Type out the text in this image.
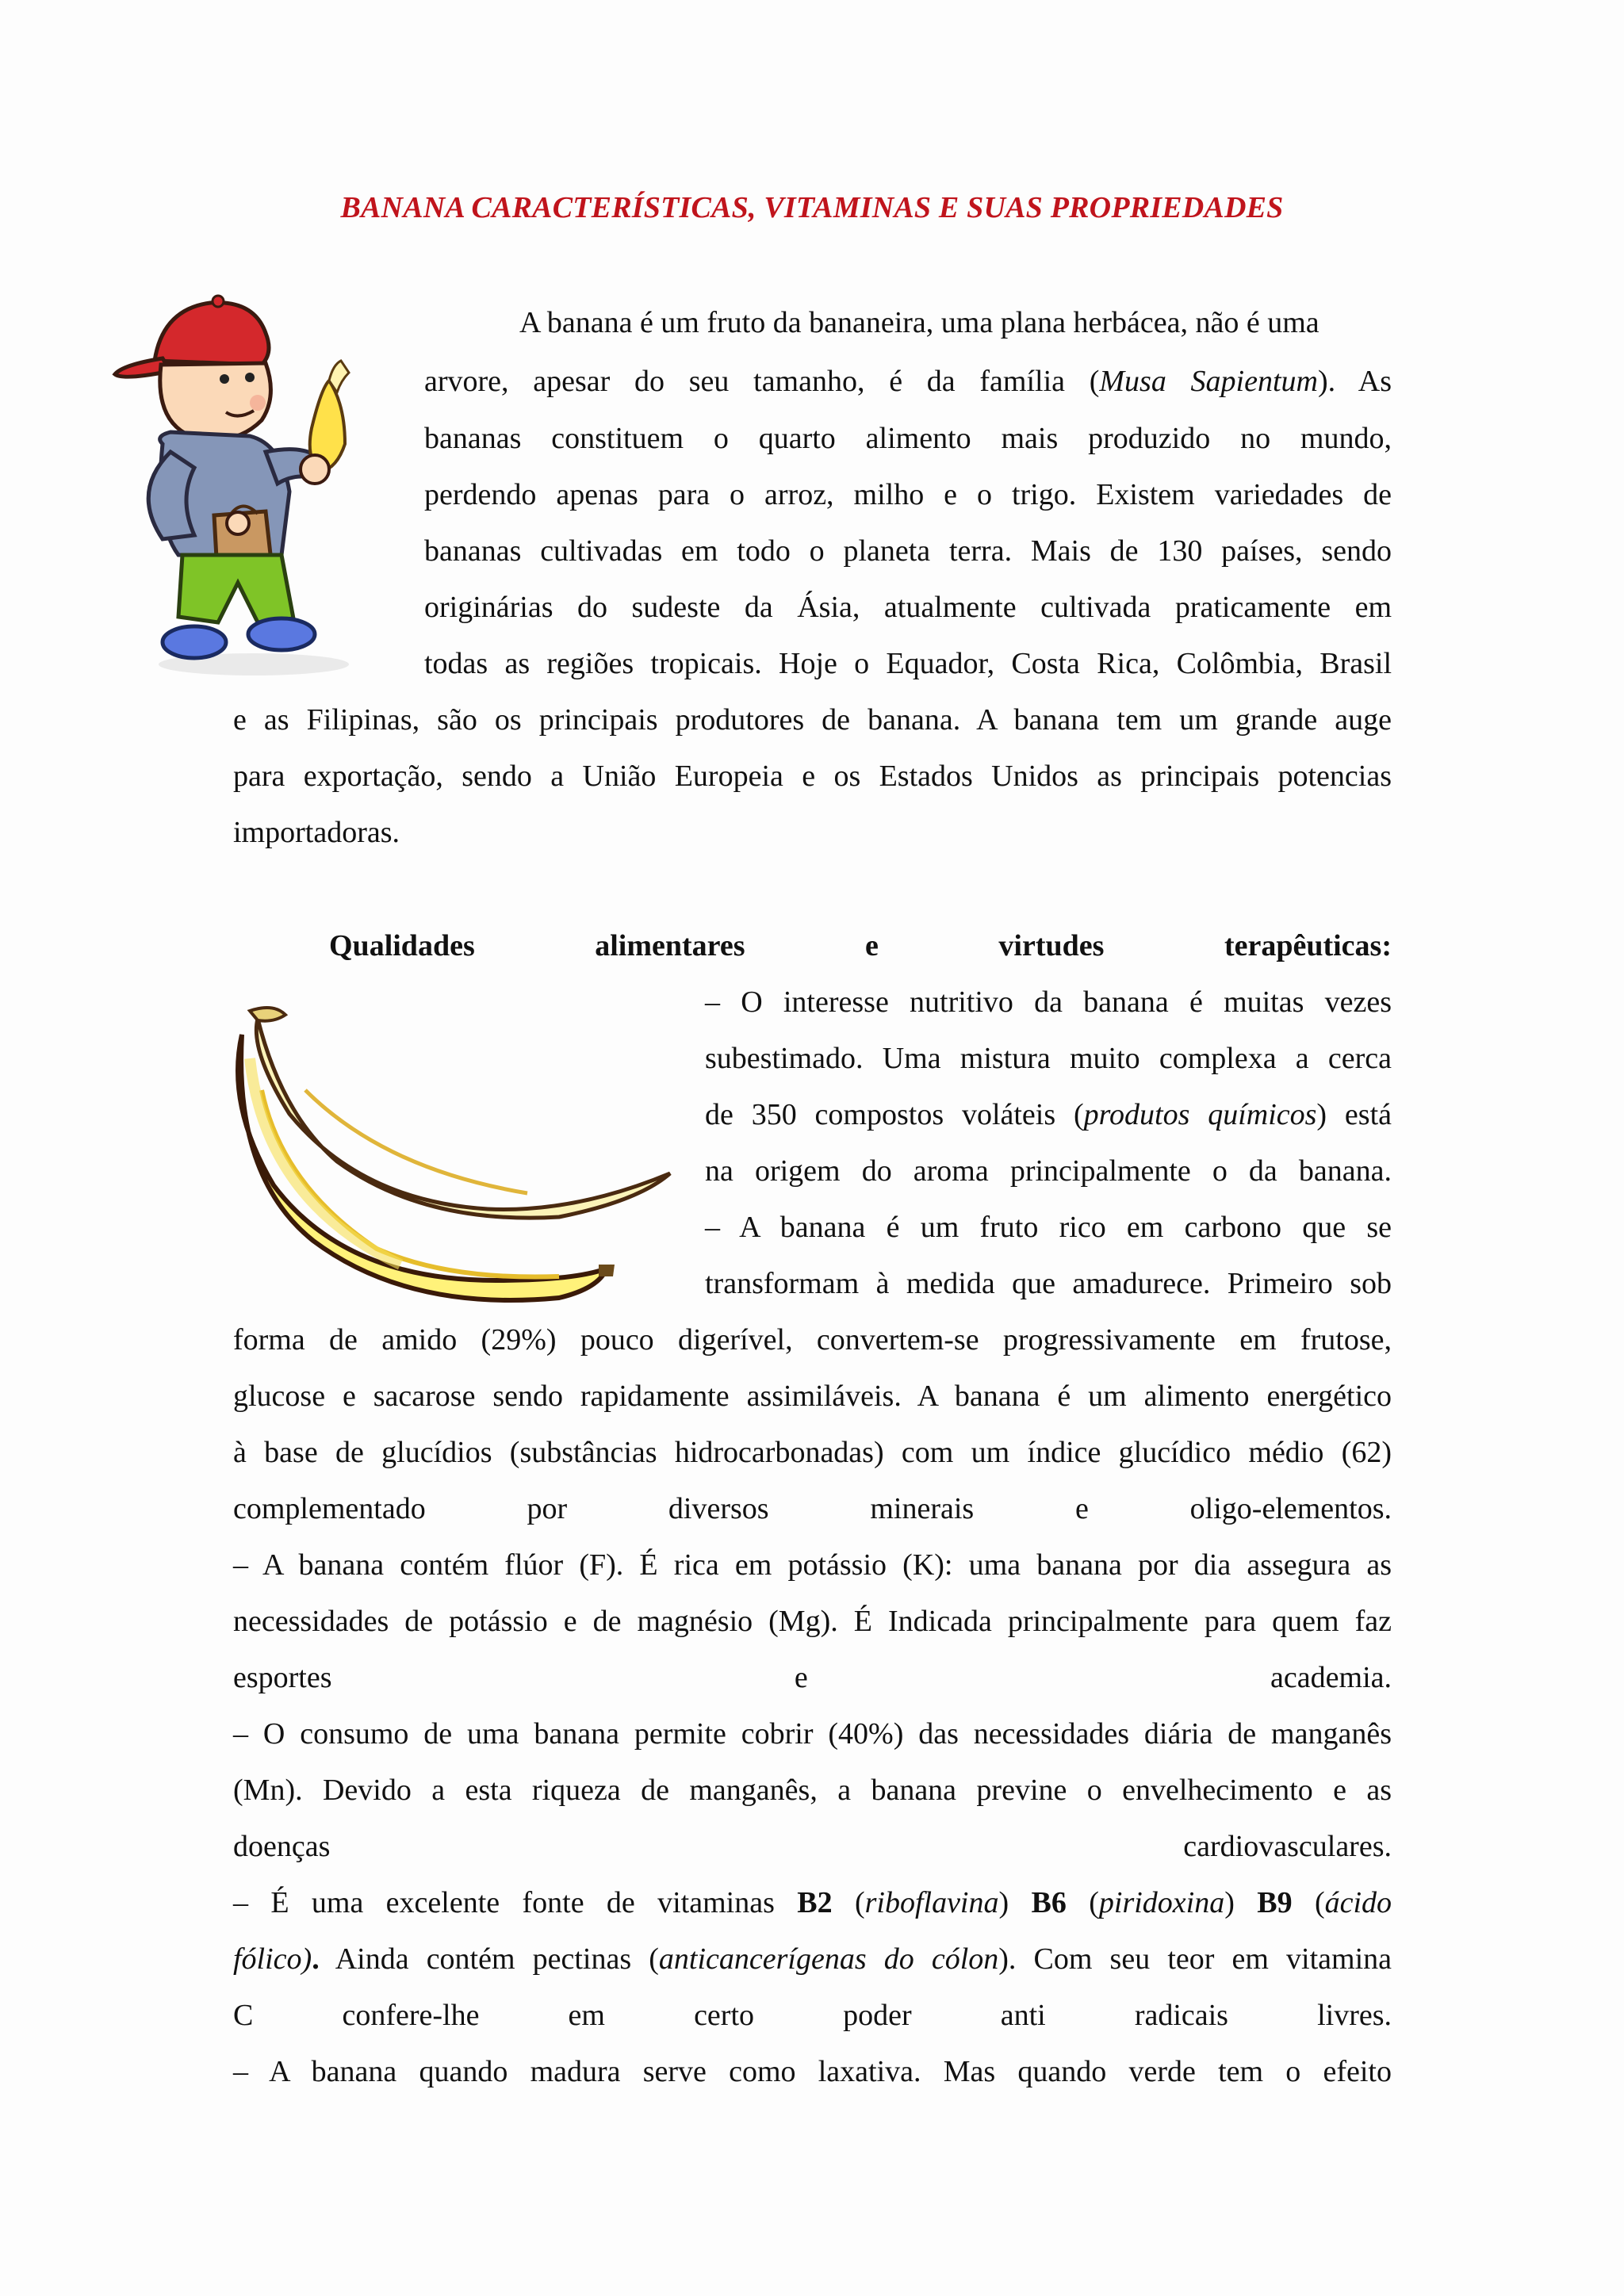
BANANA CARACTERÍSTICAS, VITAMINAS E SUAS PROPRIEDADES
A banana é um fruto da bananeira, uma plana herbácea, não é uma
arvore, apesar do seu tamanho, é da família (Musa Sapientum). As
bananas constituem o quarto alimento mais produzido no mundo,
perdendo apenas para o arroz, milho e o trigo. Existem variedades de
bananas cultivadas em todo o planeta terra. Mais de 130 países, sendo
originárias do sudeste da Ásia, atualmente cultivada praticamente em
todas as regiões tropicais. Hoje o Equador, Costa Rica, Colômbia, Brasil
e as Filipinas, são os principais produtores de banana. A banana tem um grande auge
para exportação, sendo a União Europeia e os Estados Unidos as principais potencias
importadoras.
Qualidades alimentares e virtudes terapêuticas:
– O interesse nutritivo da banana é muitas vezes
subestimado. Uma mistura muito complexa a cerca
de 350 compostos voláteis (produtos químicos) está
na origem do aroma principalmente o da banana.
– A banana é um fruto rico em carbono que se
transformam à medida que amadurece. Primeiro sob
forma de amido (29%) pouco digerível, convertem-se progressivamente em frutose,
glucose e sacarose sendo rapidamente assimiláveis. A banana é um alimento energético
à base de glucídios (substâncias hidrocarbonadas) com um índice glucídico médio (62)
complementado por diversos minerais e oligo-elementos.
– A banana contém flúor (F). É rica em potássio (K): uma banana por dia assegura as
necessidades de potássio e de magnésio (Mg). É Indicada principalmente para quem faz
esportes e academia.
– O consumo de uma banana permite cobrir (40%) das necessidades diária de manganês
(Mn). Devido a esta riqueza de manganês, a banana previne o envelhecimento e as
doenças cardiovasculares.
– É uma excelente fonte de vitaminas B2 (riboflavina) B6 (piridoxina) B9 (ácido
fólico). Ainda contém pectinas (anticancerígenas do cólon). Com seu teor em vitamina
C confere-lhe em certo poder anti radicais livres.
– A banana quando madura serve como laxativa. Mas quando verde tem o efeito
